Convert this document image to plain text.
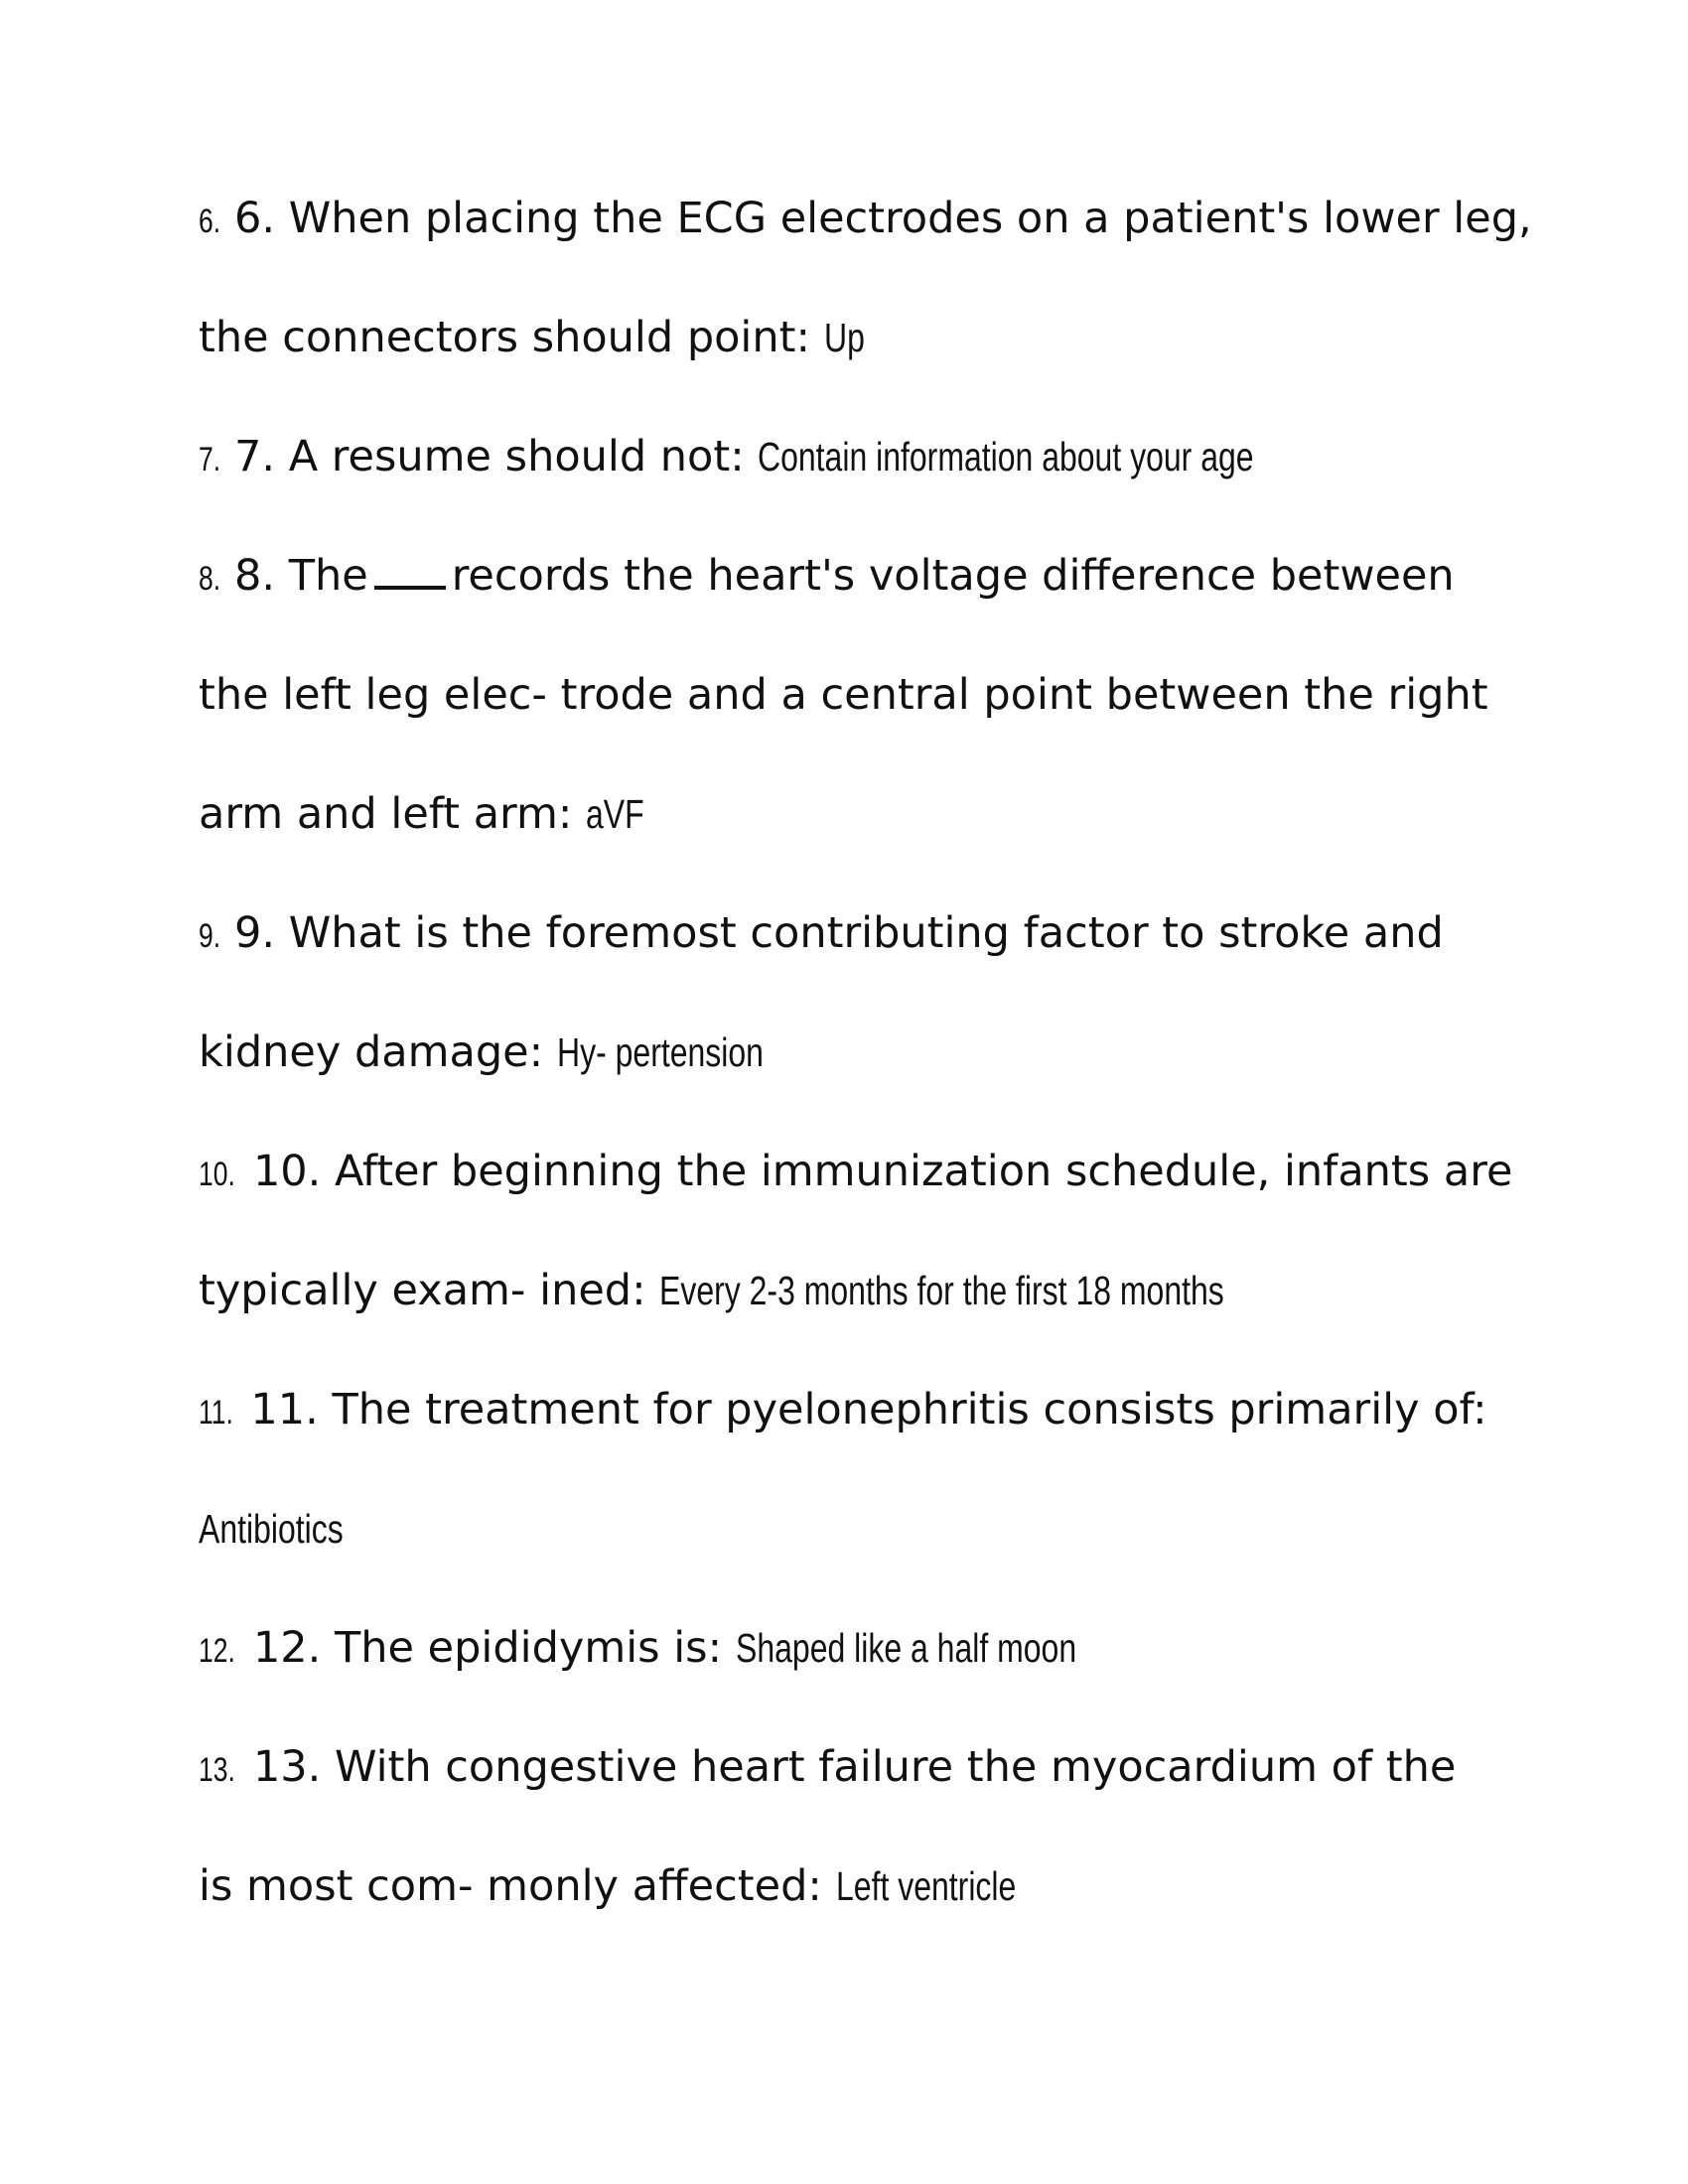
6. 6. When placing the ECG electrodes on a patient's lower leg,
the connectors should point: Up
7. 7. A resume should not: Contain information about your age
8. 8. The records the heart's voltage difference between
the left leg elec- trode and a central point between the right
arm and left arm: aVF
9. 9. What is the foremost contributing factor to stroke and
kidney damage: Hy- pertension
10. 10. After beginning the immunization schedule, infants are
typically exam- ined: Every 2-3 months for the first 18 months
11. 11. The treatment for pyelonephritis consists primarily of:
Antibiotics
12. 12. The epididymis is: Shaped like a half moon
13. 13. With congestive heart failure the myocardium of the
is most com- monly affected: Left ventricle
